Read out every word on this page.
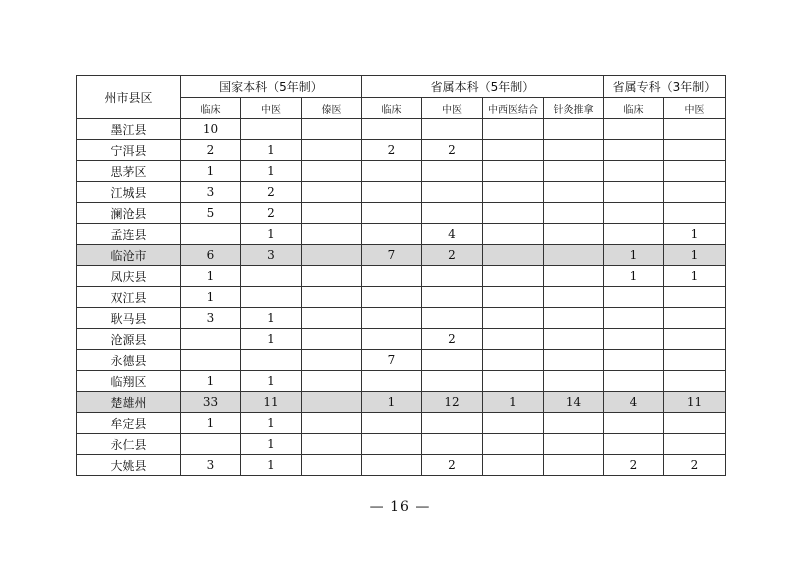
州市县区	国家本科（5年制）			省属本科（5年制）				省属专科（3年制）	
	临床	中医	傣医	临床	中医	中西医结合	针灸推拿	临床	中医
墨江县	10								
宁洱县	2	1		2	2				
思茅区	1	1							
江城县	3	2							
澜沧县	5	2							
孟连县		1			4				1
临沧市	6	3		7	2			1	1
凤庆县	1							1	1
双江县	1								
耿马县	3	1							
沧源县		1			2				
永德县				7					
临翔区	1	1							
楚雄州	33	11		1	12	1	14	4	11
牟定县	1	1							
永仁县		1							
大姚县	3	1			2			2	2
— 16 —
